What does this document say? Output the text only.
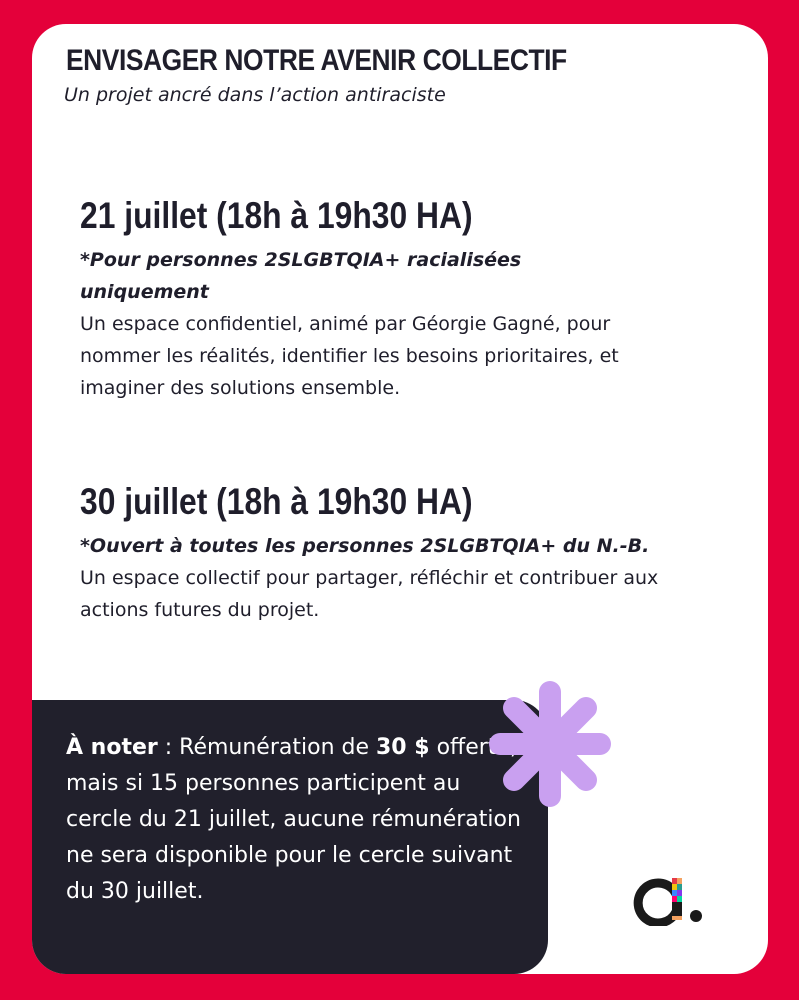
ENVISAGER NOTRE AVENIR COLLECTIF
Un projet ancré dans l’action antiraciste
21 juillet (18h à 19h30 HA)
*Pour personnes 2SLGBTQIA+ racialisées uniquement
Un espace confidentiel, animé par Géorgie Gagné, pour nommer les réalités, identifier les besoins prioritaires, et imaginer des solutions ensemble.
30 juillet (18h à 19h30 HA)
*Ouvert à toutes les personnes 2SLGBTQIA+ du N.-B.
Un espace collectif pour partager, réfléchir et contribuer aux actions futures du projet.
À noter : Rémunération de 30 $ offerte, mais si 15 personnes participent au cercle du 21 juillet, aucune rémunération ne sera disponible pour le cercle suivant du 30 juillet.
